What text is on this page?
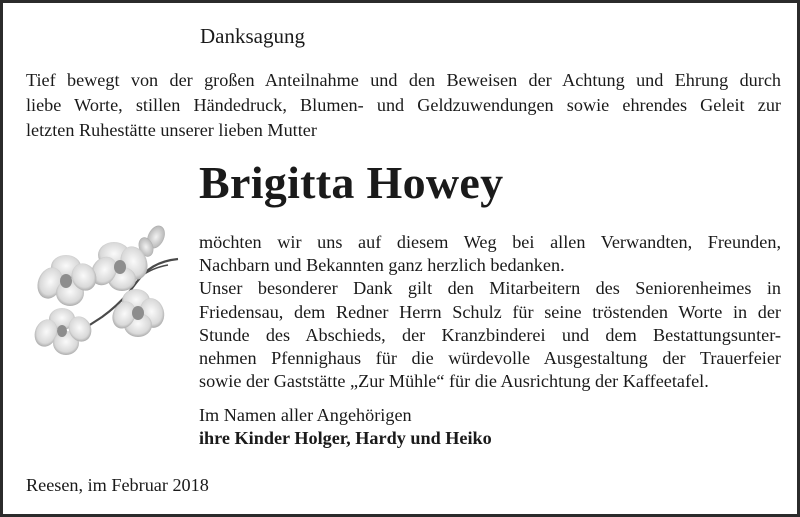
Danksagung
Tief bewegt von der großen Anteilnahme und den Beweisen der Achtung und Ehrung durch
liebe Worte, stillen Händedruck, Blumen- und Geldzuwendungen sowie ehrendes Geleit zur
letzten Ruhestätte unserer lieben Mutter
Brigitta Howey
möchten wir uns auf diesem Weg bei allen Verwandten, Freunden,
Nachbarn und Bekannten ganz herzlich bedanken.
Unser besonderer Dank gilt den Mitarbeitern des Seniorenheimes in
Friedensau, dem Redner Herrn Schulz für seine tröstenden Worte in der
Stunde des Abschieds, der Kranzbinderei und dem Bestattungsunter-
nehmen Pfennighaus für die würdevolle Ausgestaltung der Trauerfeier
sowie der Gaststätte „Zur Mühle“ für die Ausrichtung der Kaffeetafel.
Im Namen aller Angehörigen
ihre Kinder Holger, Hardy und Heiko
Reesen, im Februar 2018
